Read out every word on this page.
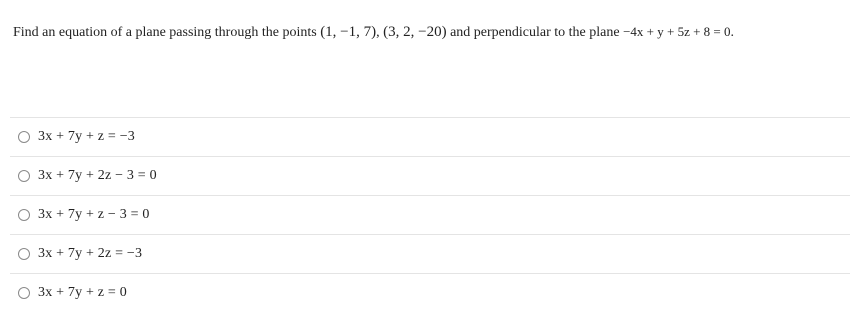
Find an equation of a plane passing through the points (1, −1, 7), (3, 2, −20) and perpendicular to the plane −4x + y + 5z + 8 = 0.
3x + 7y + z = −3
3x + 7y + 2z − 3 = 0
3x + 7y + z − 3 = 0
3x + 7y + 2z = −3
3x + 7y + z = 0
